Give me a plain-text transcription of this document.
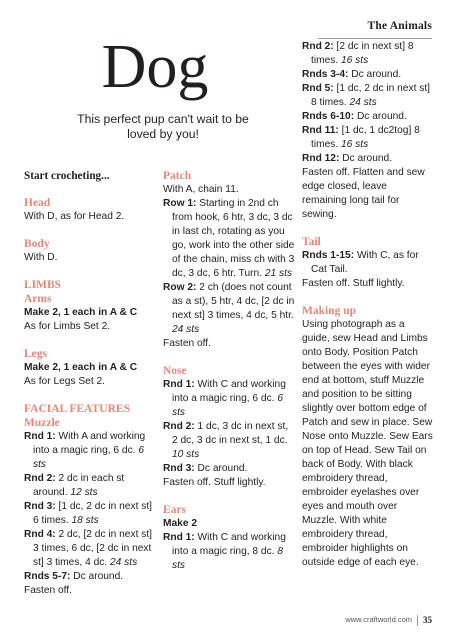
The Animals
Dog
This perfect pup can't wait to be loved by you!
Start crocheting...
Head

With D, as for Head 2.

Body

With D.

LIMBS
Arms

Make 2, 1 each in A & C

As for Limbs Set 2.

Legs

Make 2, 1 each in A & C

As for Legs Set 2.

FACIAL FEATURES
Muzzle

Rnd 1: With A and working into a magic ring, 6 dc. 6 sts

Rnd 2: 2 dc in each st around. 12 sts

Rnd 3: [1 dc, 2 dc in next st] 6 times. 18 sts

Rnd 4: 2 dc, [2 dc in next st] 3 times, 6 dc, [2 dc in next st] 3 times, 4 dc. 24 sts

Rnds 5-7: Dc around.

Fasten off.

Patch

With A, chain 11.

Row 1: Starting in 2nd ch from hook, 6 htr, 3 dc, 3 dc in last ch, rotating as you go, work into the other side of the chain, miss ch with 3 dc, 3 dc, 6 htr. Turn. 21 sts

Row 2: 2 ch (does not count as a st), 5 htr, 4 dc, [2 dc in next st] 3 times, 4 dc, 5 htr. 24 sts

Fasten off.

Nose

Rnd 1: With C and working into a magic ring, 6 dc. 6 sts

Rnd 2: 1 dc, 3 dc in next st, 2 dc, 3 dc in next st, 1 dc. 10 sts

Rnd 3: Dc around.

Fasten off. Stuff lightly.

Ears

Make 2

Rnd 1: With C and working into a magic ring, 8 dc. 8 sts

Rnd 2: [2 dc in next st] 8 times. 16 sts

Rnds 3-4: Dc around.

Rnd 5: [1 dc, 2 dc in next st] 8 times. 24 sts

Rnds 6-10: Dc around.

Rnd 11: [1 dc, 1 dc2tog] 8 times. 16 sts

Rnd 12: Dc around.

Fasten off. Flatten and sew edge closed, leave remaining long tail for sewing.

Tail

Rnds 1-15: With C, as for Cat Tail.

Fasten off. Stuff lightly.

Making up

Using photograph as a guide, sew Head and Limbs onto Body. Position Patch between the eyes with wider end at bottom, stuff Muzzle and position to be sitting slightly over bottom edge of Patch and sew in place. Sew Nose onto Muzzle. Sew Ears on top of Head. Sew Tail on back of Body. With black embroidery thread, embroider eyelashes over eyes and mouth over Muzzle. With white embroidery thread, embroider highlights on outside edge of each eye.

www.craftworld.com 35
